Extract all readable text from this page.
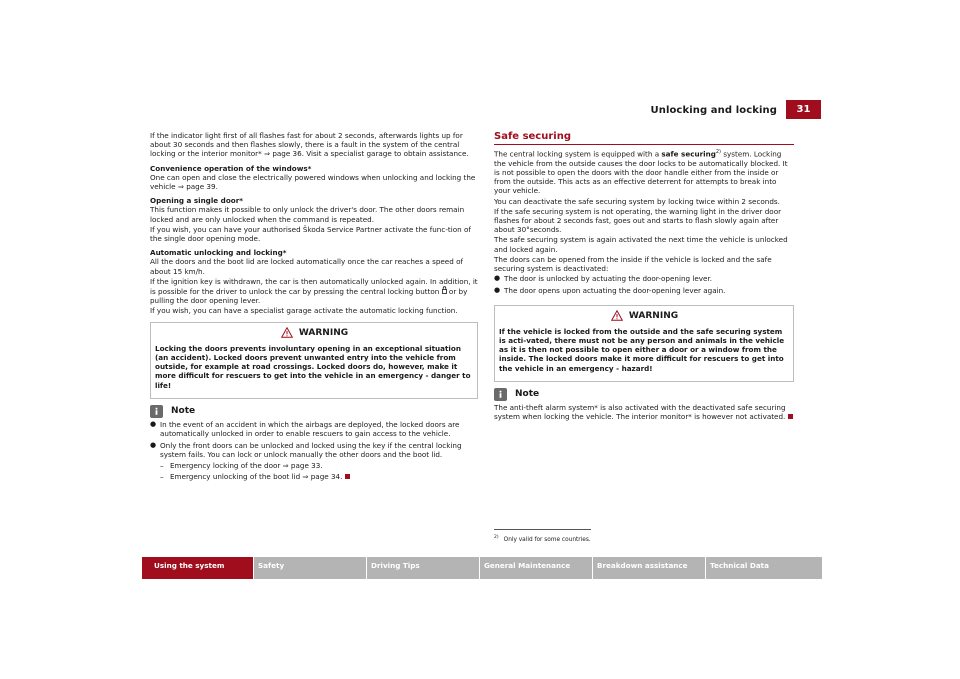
Unlocking and locking	31

If the indicator light first of all flashes fast for about 2 seconds, afterwards lights up for about 30 seconds and then flashes slowly, there is a fault in the system of the central locking or the interior monitor* ⇒ page 36. Visit a specialist garage to obtain assistance.

Convenience operation of the windows*

One can open and close the electrically powered windows when unlocking and locking the vehicle ⇒ page 39.

Opening a single door*

This function makes it possible to only unlock the driver's door. The other doors remain locked and are only unlocked when the command is repeated.

If you wish, you can have your authorised Škoda Service Partner activate the func-tion of the single door opening mode.

Automatic unlocking and locking*

All the doors and the boot lid are locked automatically once the car reaches a speed of about 15 km/h.

If the ignition key is withdrawn, the car is then automatically unlocked again. In addition, it is possible for the driver to unlock the car by pressing the central locking button  or by pulling the door opening lever.

If you wish, you can have a specialist garage activate the automatic locking function.

WARNING

Locking the doors prevents involuntary opening in an exceptional situation (an accident). Locked doors prevent unwanted entry into the vehicle from outside, for example at road crossings. Locked doors do, however, make it more difficult for rescuers to get into the vehicle in an emergency - danger to life!

Note
● In the event of an accident in which the airbags are deployed, the locked doors are automatically unlocked in order to enable rescuers to gain access to the vehicle.
● Only the front doors can be unlocked and locked using the key if the central locking system fails. You can lock or unlock manually the other doors and the boot lid.
– Emergency locking of the door ⇒ page 33.
– Emergency unlocking of the boot lid ⇒ page 34.
Safe securing

The central locking system is equipped with a safe securing$^{2)}$ system. Locking the vehicle from the outside causes the door locks to be automatically blocked. It is not possible to open the doors with the door handle either from the inside or from the outside. This acts as an effective deterrent for attempts to break into your vehicle.

You can deactivate the safe securing system by locking twice within 2 seconds.

If the safe securing system is not operating, the warning light in the driver door flashes for about 2 seconds fast, goes out and starts to flash slowly again after about 30°seconds.

The safe securing system is again activated the next time the vehicle is unlocked and locked again.

The doors can be opened from the inside if the vehicle is locked and the safe securing system is deactivated:

● The door is unlocked by actuating the door-opening lever.
● The door opens upon actuating the door-opening lever again.
WARNING

If the vehicle is locked from the outside and the safe securing system is acti-vated, there must not be any person and animals in the vehicle as it is then not possible to open either a door or a window from the inside. The locked doors make it more difficult for rescuers to get into the vehicle in an emergency - hazard!

Note

The anti-theft alarm system* is also activated with the deactivated safe securing system when locking the vehicle. The interior monitor* is however not activated.

$^{2)}$ Only valid for some countries.
Using the system	Safety	Driving Tips	General Maintenance	Breakdown assistance	Technical Data
